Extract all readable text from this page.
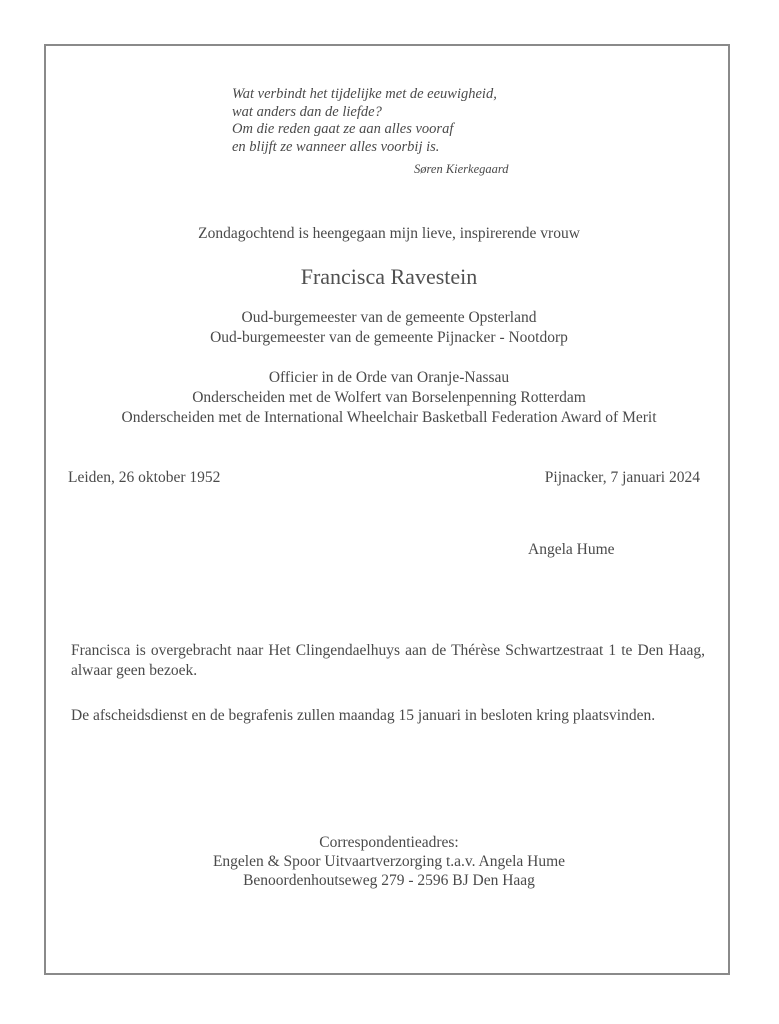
Wat verbindt het tijdelijke met de eeuwigheid,
wat anders dan de liefde?
Om die reden gaat ze aan alles vooraf
en blijft ze wanneer alles voorbij is.
Søren Kierkegaard
Zondagochtend is heengegaan mijn lieve, inspirerende vrouw
Francisca Ravestein
Oud-burgemeester van de gemeente Opsterland
Oud-burgemeester van de gemeente Pijnacker - Nootdorp
Officier in de Orde van Oranje-Nassau
Onderscheiden met de Wolfert van Borselenpenning Rotterdam
Onderscheiden met de International Wheelchair Basketball Federation Award of Merit
Leiden, 26 oktober 1952	Pijnacker, 7 januari 2024
Angela Hume
Francisca is overgebracht naar Het Clingendaelhuys aan de Thérèse Schwartzestraat 1 te Den Haag, alwaar geen bezoek.
De afscheidsdienst en de begrafenis zullen maandag 15 januari in besloten kring plaatsvinden.
Correspondentieadres:
Engelen & Spoor Uitvaartverzorging t.a.v. Angela Hume
Benoordenhoutseweg 279 - 2596 BJ Den Haag
